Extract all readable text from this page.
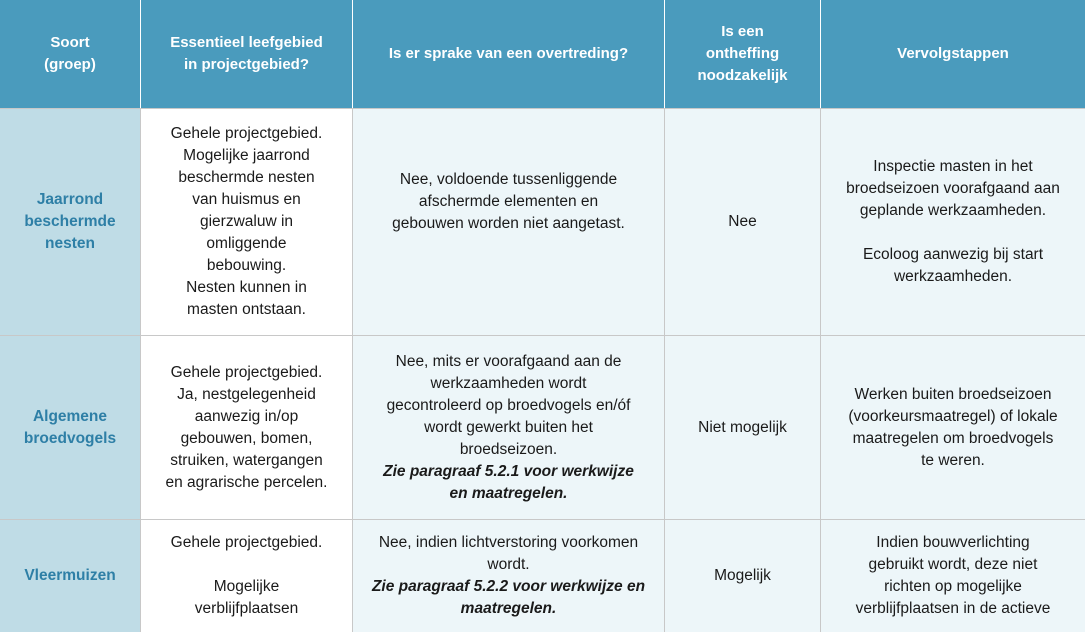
Soort
(groep)
Essentieel leefgebied
in projectgebied?
Is er sprake van een overtreding?
Is een
ontheffing
noodzakelijk
Vervolgstappen
Jaarrond
beschermde
nesten
Gehele projectgebied.
Mogelijke jaarrond
beschermde nesten
van huismus en
gierzwaluw in
omliggende
bebouwing.
Nesten kunnen in
masten ontstaan.
Nee, voldoende tussenliggende
afschermde elementen en
gebouwen worden niet aangetast.	Nee
Inspectie masten in het
broedseizoen voorafgaand aan
geplande werkzaamheden.
Ecoloog aanwezig bij start
werkzaamheden.
Algemene
broedvogels
Gehele projectgebied.
Ja, nestgelegenheid
aanwezig in/op
gebouwen, bomen,
struiken, watergangen
en agrarische percelen.
Nee, mits er voorafgaand aan de
werkzaamheden wordt
gecontroleerd op broedvogels en/óf
wordt gewerkt buiten het
broedseizoen.
Zie paragraaf 5.2.1 voor werkwijze
en maatregelen.
Niet mogelijk
Werken buiten broedseizoen
(voorkeursmaatregel) of lokale
maatregelen om broedvogels
te weren.
Vleermuizen
Gehele projectgebied.
Mogelijke
verblijfplaatsen
Nee, indien lichtverstoring voorkomen
wordt.
Zie paragraaf 5.2.2 voor werkwijze en
maatregelen.
Mogelijk
Indien bouwverlichting
gebruikt wordt, deze niet
richten op mogelijke
verblijfplaatsen in de actieve
